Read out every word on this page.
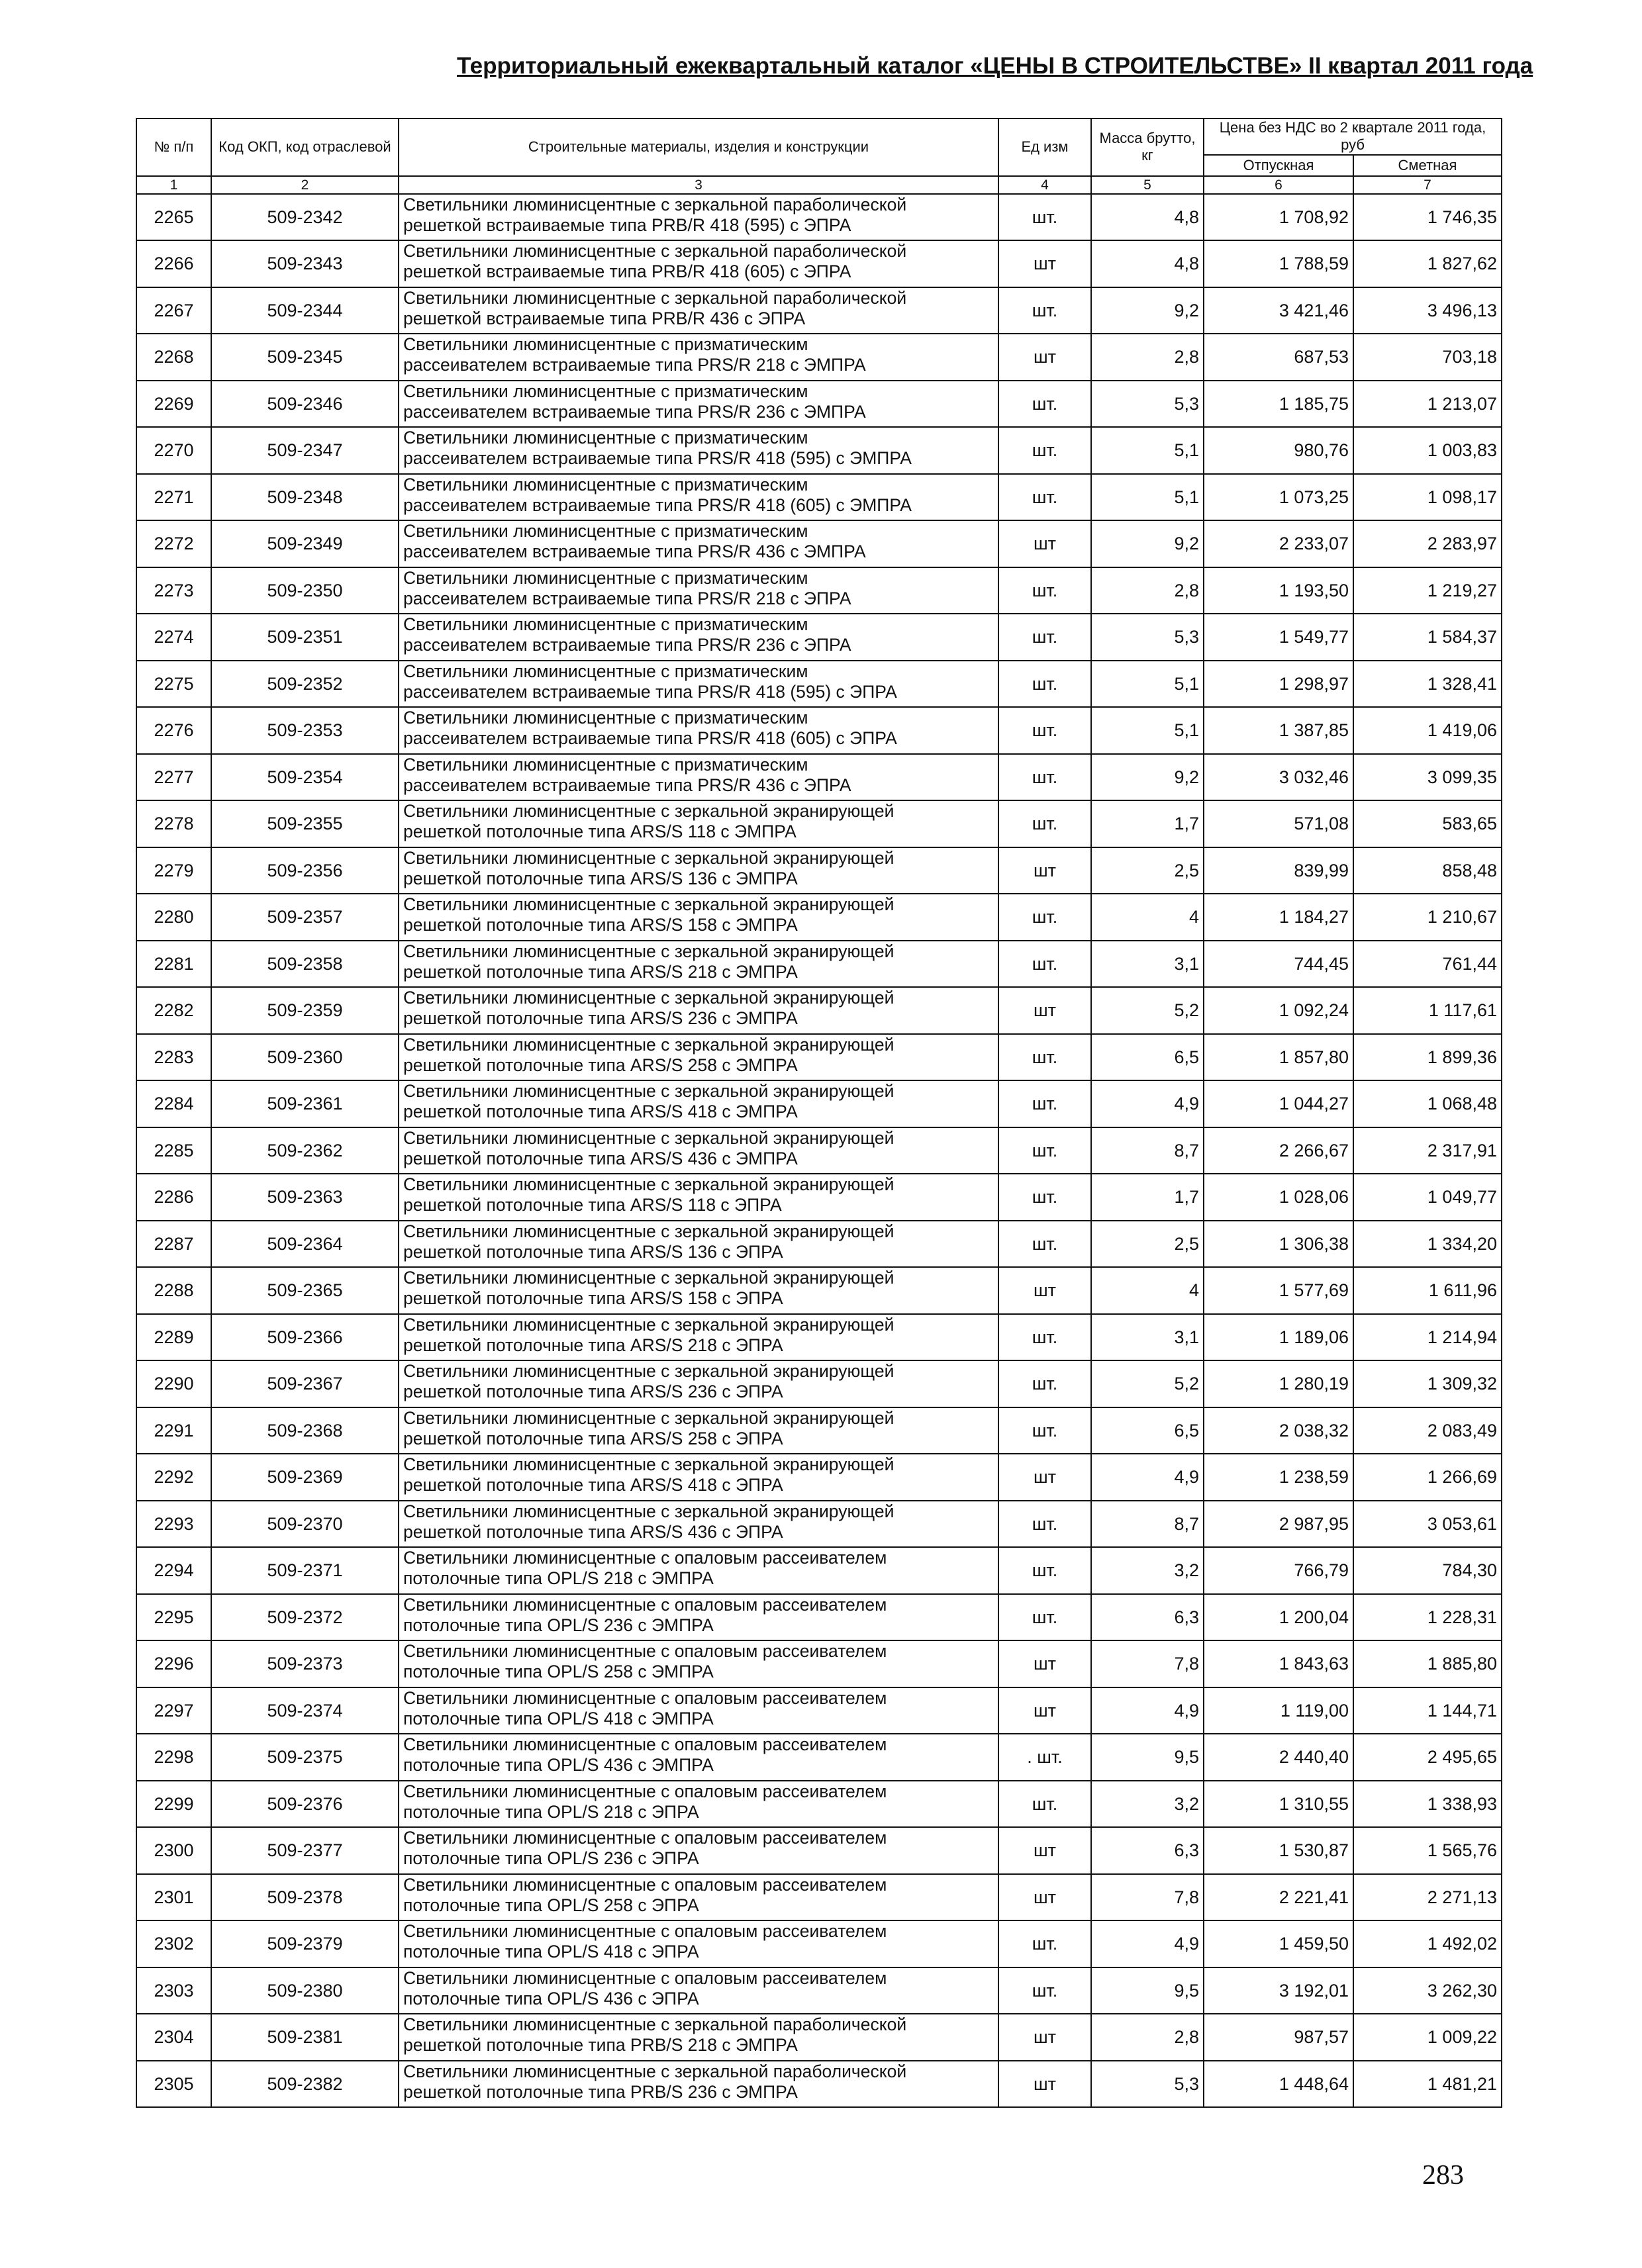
Территориальный ежеквартальный каталог «ЦЕНЫ В СТРОИТЕЛЬСТВЕ» II квартал 2011 года
№ п/п	Код ОКП, код отраслевой	Строительные материалы, изделия и конструкции	Ед изм	Масса брутто, кг	Цена без НДС во 2 квартале 2011 года, руб	
					Отпускная	Сметная
1	2	3	4	5	6	7
2265	509-2342	Светильники люминисцентные с зеркальной параболической
решеткой встраиваемые типа PRB/R 418 (595) с ЭПРА	шт.	4,8	1 708,92	1 746,35
2266	509-2343	Светильники люминисцентные с зеркальной параболической
решеткой встраиваемые типа PRB/R 418 (605) с ЭПРА	шт	4,8	1 788,59	1 827,62
2267	509-2344	Светильники люминисцентные с зеркальной параболической
решеткой встраиваемые типа PRB/R 436 с ЭПРА	шт.	9,2	3 421,46	3 496,13
2268	509-2345	Светильники люминисцентные с призматическим
рассеивателем встраиваемые типа PRS/R 218 с ЭМПРА	шт	2,8	687,53	703,18
2269	509-2346	Светильники люминисцентные с призматическим
рассеивателем встраиваемые типа PRS/R 236 с ЭМПРА	шт.	5,3	1 185,75	1 213,07
2270	509-2347	Светильники люминисцентные с призматическим
рассеивателем встраиваемые типа PRS/R 418 (595) с ЭМПРА	шт.	5,1	980,76	1 003,83
2271	509-2348	Светильники люминисцентные с призматическим
рассеивателем встраиваемые типа PRS/R 418 (605) с ЭМПРА	шт.	5,1	1 073,25	1 098,17
2272	509-2349	Светильники люминисцентные с призматическим
рассеивателем встраиваемые типа PRS/R 436 с ЭМПРА	шт	9,2	2 233,07	2 283,97
2273	509-2350	Светильники люминисцентные с призматическим
рассеивателем встраиваемые типа PRS/R 218 с ЭПРА	шт.	2,8	1 193,50	1 219,27
2274	509-2351	Светильники люминисцентные с призматическим
рассеивателем встраиваемые типа PRS/R 236 с ЭПРА	шт.	5,3	1 549,77	1 584,37
2275	509-2352	Светильники люминисцентные с призматическим
рассеивателем встраиваемые типа PRS/R 418 (595) с ЭПРА	шт.	5,1	1 298,97	1 328,41
2276	509-2353	Светильники люминисцентные с призматическим
рассеивателем встраиваемые типа PRS/R 418 (605) с ЭПРА	шт.	5,1	1 387,85	1 419,06
2277	509-2354	Светильники люминисцентные с призматическим
рассеивателем встраиваемые типа PRS/R 436 с ЭПРА	шт.	9,2	3 032,46	3 099,35
2278	509-2355	Светильники люминисцентные с зеркальной экранирующей
решеткой потолочные типа ARS/S 118 с ЭМПРА	шт.	1,7	571,08	583,65
2279	509-2356	Светильники люминисцентные с зеркальной экранирующей
решеткой потолочные типа ARS/S 136 с ЭМПРА	шт	2,5	839,99	858,48
2280	509-2357	Светильники люминисцентные с зеркальной экранирующей
решеткой потолочные типа ARS/S 158 с ЭМПРА	шт.	4	1 184,27	1 210,67
2281	509-2358	Светильники люминисцентные с зеркальной экранирующей
решеткой потолочные типа ARS/S 218 с ЭМПРА	шт.	3,1	744,45	761,44
2282	509-2359	Светильники люминисцентные с зеркальной экранирующей
решеткой потолочные типа ARS/S 236 с ЭМПРА	шт	5,2	1 092,24	1 117,61
2283	509-2360	Светильники люминисцентные с зеркальной экранирующей
решеткой потолочные типа ARS/S 258 с ЭМПРА	шт.	6,5	1 857,80	1 899,36
2284	509-2361	Светильники люминисцентные с зеркальной экранирующей
решеткой потолочные типа ARS/S 418 с ЭМПРА	шт.	4,9	1 044,27	1 068,48
2285	509-2362	Светильники люминисцентные с зеркальной экранирующей
решеткой потолочные типа ARS/S 436 с ЭМПРА	шт.	8,7	2 266,67	2 317,91
2286	509-2363	Светильники люминисцентные с зеркальной экранирующей
решеткой потолочные типа ARS/S 118 с ЭПРА	шт.	1,7	1 028,06	1 049,77
2287	509-2364	Светильники люминисцентные с зеркальной экранирующей
решеткой потолочные типа ARS/S 136 с ЭПРА	шт.	2,5	1 306,38	1 334,20
2288	509-2365	Светильники люминисцентные с зеркальной экранирующей
решеткой потолочные типа ARS/S 158 с ЭПРА	шт	4	1 577,69	1 611,96
2289	509-2366	Светильники люминисцентные с зеркальной экранирующей
решеткой потолочные типа ARS/S 218 с ЭПРА	шт.	3,1	1 189,06	1 214,94
2290	509-2367	Светильники люминисцентные с зеркальной экранирующей
решеткой потолочные типа ARS/S 236 с ЭПРА	шт.	5,2	1 280,19	1 309,32
2291	509-2368	Светильники люминисцентные с зеркальной экранирующей
решеткой потолочные типа ARS/S 258 с ЭПРА	шт.	6,5	2 038,32	2 083,49
2292	509-2369	Светильники люминисцентные с зеркальной экранирующей
решеткой потолочные типа ARS/S 418 с ЭПРА	шт	4,9	1 238,59	1 266,69
2293	509-2370	Светильники люминисцентные с зеркальной экранирующей
решеткой потолочные типа ARS/S 436 с ЭПРА	шт.	8,7	2 987,95	3 053,61
2294	509-2371	Светильники люминисцентные с опаловым рассеивателем
потолочные типа OPL/S 218 с ЭМПРА	шт.	3,2	766,79	784,30
2295	509-2372	Светильники люминисцентные с опаловым рассеивателем
потолочные типа OPL/S 236 с ЭМПРА	шт.	6,3	1 200,04	1 228,31
2296	509-2373	Светильники люминисцентные с опаловым рассеивателем
потолочные типа OPL/S 258 с ЭМПРА	шт	7,8	1 843,63	1 885,80
2297	509-2374	Светильники люминисцентные с опаловым рассеивателем
потолочные типа OPL/S 418 с ЭМПРА	шт	4,9	1 119,00	1 144,71
2298	509-2375	Светильники люминисцентные с опаловым рассеивателем
потолочные типа OPL/S 436 с ЭМПРА	. шт.	9,5	2 440,40	2 495,65
2299	509-2376	Светильники люминисцентные с опаловым рассеивателем
потолочные типа OPL/S 218 с ЭПРА	шт.	3,2	1 310,55	1 338,93
2300	509-2377	Светильники люминисцентные с опаловым рассеивателем
потолочные типа OPL/S 236 с ЭПРА	шт	6,3	1 530,87	1 565,76
2301	509-2378	Светильники люминисцентные с опаловым рассеивателем
потолочные типа OPL/S 258 с ЭПРА	шт	7,8	2 221,41	2 271,13
2302	509-2379	Светильники люминисцентные с опаловым рассеивателем
потолочные типа OPL/S 418 с ЭПРА	шт.	4,9	1 459,50	1 492,02
2303	509-2380	Светильники люминисцентные с опаловым рассеивателем
потолочные типа OPL/S 436 с ЭПРА	шт.	9,5	3 192,01	3 262,30
2304	509-2381	Светильники люминисцентные с зеркальной параболической
решеткой потолочные типа PRB/S 218 с ЭМПРА	шт	2,8	987,57	1 009,22
2305	509-2382	Светильники люминисцентные с зеркальной параболической
решеткой потолочные типа PRB/S 236 с ЭМПРА	шт	5,3	1 448,64	1 481,21
283
